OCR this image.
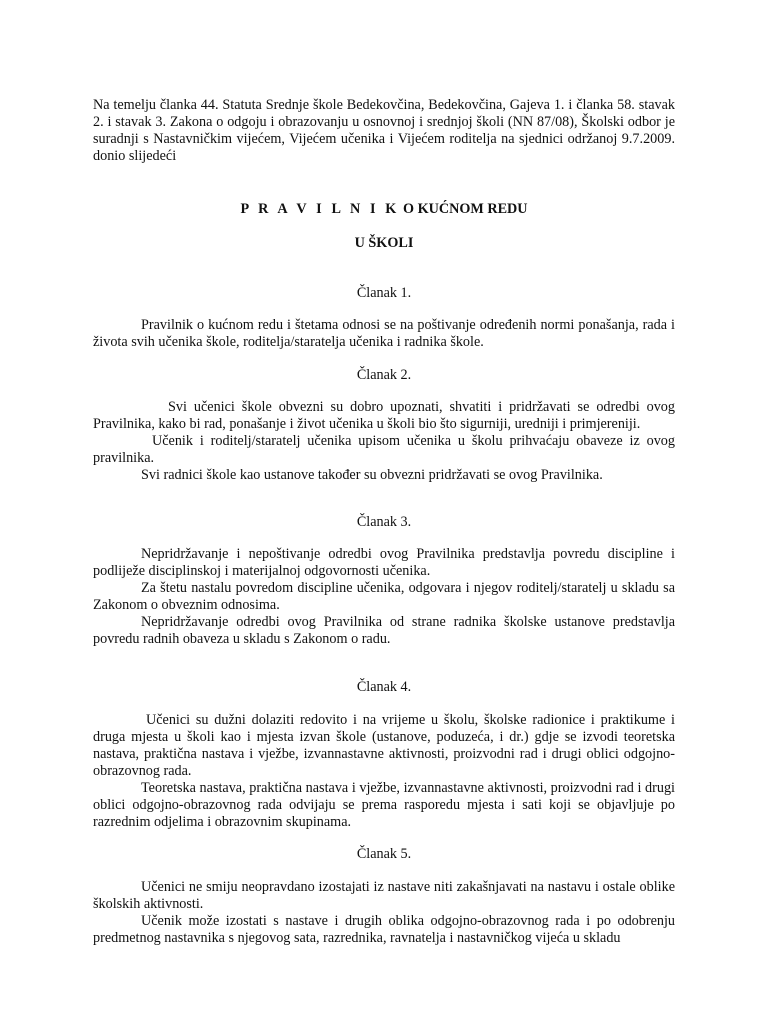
Na temelju članka 44. Statuta Srednje škole Bedekovčina, Bedekovčina, Gajeva 1. i članka 58. stavak 2. i stavak 3. Zakona o odgoju i obrazovanju u osnovnoj i srednjoj školi (NN 87/08), Školski odbor je suradnji s Nastavničkim vijećem, Vijećem učenika i Vijećem roditelja na sjednici održanoj 9.7.2009. donio slijedeći

P R A V I L N I K O KUĆNOM REDU
U ŠKOLI
Članak 1.

Pravilnik o kućnom redu i štetama odnosi se na poštivanje određenih normi ponašanja, rada i života svih učenika škole, roditelja/staratelja učenika i radnika škole.

Članak 2.

Svi učenici škole obvezni su dobro upoznati, shvatiti i pridržavati se odredbi ovog Pravilnika, kako bi rad, ponašanje i život učenika u školi bio što sigurniji, uredniji i primjereniji.

Učenik i roditelj/staratelj učenika upisom učenika u školu prihvaćaju obaveze iz ovog pravilnika.

Svi radnici škole kao ustanove također su obvezni pridržavati se ovog Pravilnika.

Članak 3.

Nepridržavanje i nepoštivanje odredbi ovog Pravilnika predstavlja povredu discipline i podliježe disciplinskoj i materijalnoj odgovornosti učenika.

Za štetu nastalu povredom discipline učenika, odgovara i njegov roditelj/staratelj u skladu sa Zakonom o obveznim odnosima.

Nepridržavanje odredbi ovog Pravilnika od strane radnika školske ustanove predstavlja povredu radnih obaveza u skladu s Zakonom o radu.

Članak 4.

Učenici su dužni dolaziti redovito i na vrijeme u školu, školske radionice i praktikume i druga mjesta u školi kao i mjesta izvan škole (ustanove, poduzeća, i dr.) gdje se izvodi teoretska nastava, praktična nastava i vježbe, izvannastavne aktivnosti, proizvodni rad i drugi oblici odgojno-obrazovnog rada.

Teoretska nastava, praktična nastava i vježbe, izvannastavne aktivnosti, proizvodni rad i drugi oblici odgojno-obrazovnog rada odvijaju se prema rasporedu mjesta i sati koji se objavljuje po razrednim odjelima i obrazovnim skupinama.

Članak 5.

Učenici ne smiju neopravdano izostajati iz nastave niti zakašnjavati na nastavu i ostale oblike školskih aktivnosti.

Učenik može izostati s nastave i drugih oblika odgojno-obrazovnog rada i po odobrenju predmetnog nastavnika s njegovog sata, razrednika, ravnatelja i nastavničkog vijeća u skladu
